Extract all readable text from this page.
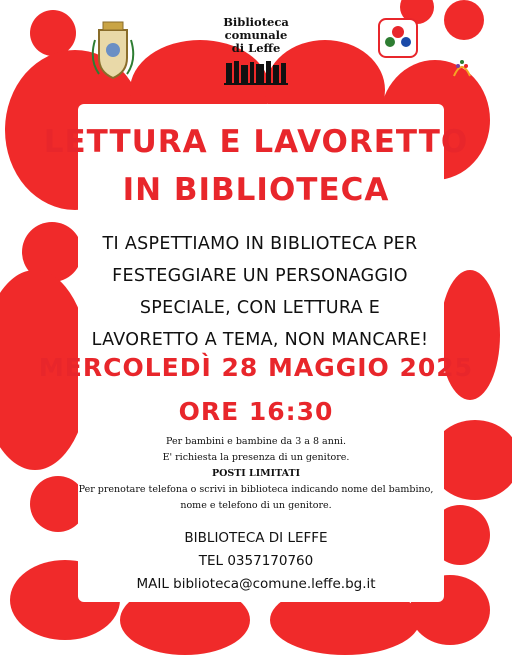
Biblioteca
comunale
di Leffe
LETTURA E LAVORETTO
IN BIBLIOTECA
TI ASPETTIAMO IN BIBLIOTECA PER
FESTEGGIARE UN PERSONAGGIO
SPECIALE, CON LETTURA E
LAVORETTO A TEMA, NON MANCARE!
MERCOLEDÌ 28 MAGGIO 2025
ORE 16:30
Per bambini e bambine da 3 a 8 anni.
E' richiesta la presenza di un genitore.
POSTI LIMITATI
Per prenotare telefona o scrivi in biblioteca indicando nome del bambino,
nome e telefono di un genitore.
BIBLIOTECA DI LEFFE
TEL 0357170760
MAIL biblioteca@comune.leffe.bg.it
